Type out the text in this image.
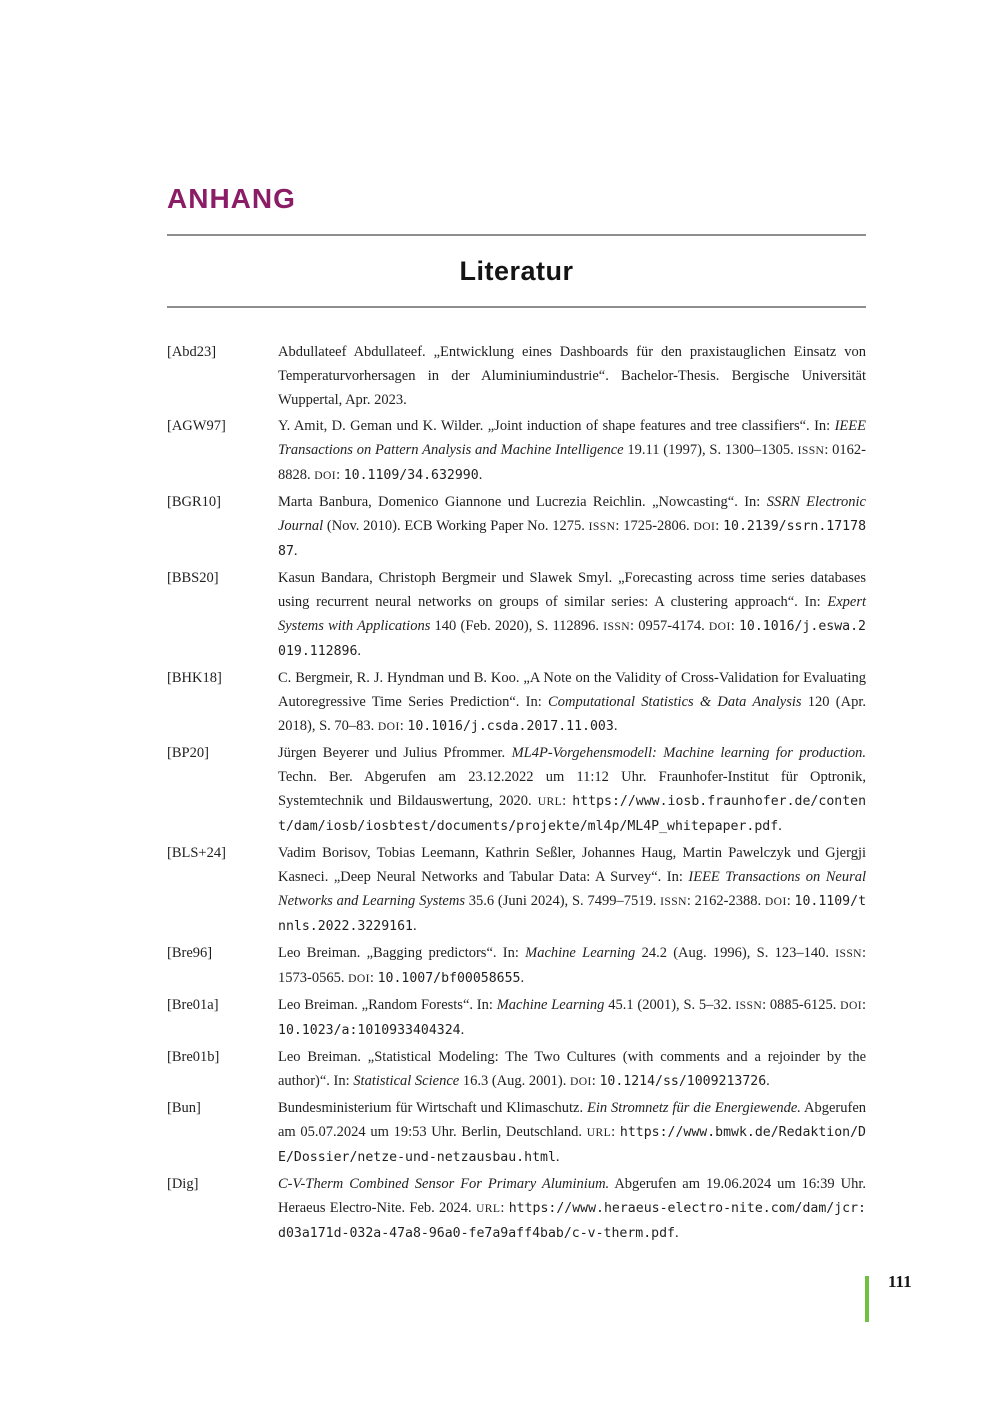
ANHANG
Literatur
[Abd23]	Abdullateef Abdullateef. „Entwicklung eines Dashboards für den praxistauglichen Einsatz von Temperaturvorhersagen in der Aluminiumindustrie“. Bachelor-Thesis. Bergische Universität Wuppertal, Apr. 2023.
[AGW97]	Y. Amit, D. Geman und K. Wilder. „Joint induction of shape features and tree classifiers“. In: IEEE Transactions on Pattern Analysis and Machine Intelligence 19.11 (1997), S. 1300–1305. ISSN: 0162-8828. DOI: 10.1109/34.632990.
[BGR10]	Marta Banbura, Domenico Giannone und Lucrezia Reichlin. „Nowcasting“. In: SSRN Electronic Journal (Nov. 2010). ECB Working Paper No. 1275. ISSN: 1725-2806. DOI: 10.2139/ssrn.1717887.
[BBS20]	Kasun Bandara, Christoph Bergmeir und Slawek Smyl. „Forecasting across time series databases using recurrent neural networks on groups of similar series: A clustering approach“. In: Expert Systems with Applications 140 (Feb. 2020), S. 112896. ISSN: 0957-4174. DOI: 10.1016/j.eswa.2019.112896.
[BHK18]	C. Bergmeir, R. J. Hyndman und B. Koo. „A Note on the Validity of Cross-Validation for Evaluating Autoregressive Time Series Prediction“. In: Computational Statistics & Data Analysis 120 (Apr. 2018), S. 70–83. DOI: 10.1016/j.csda.2017.11.003.
[BP20]	Jürgen Beyerer und Julius Pfrommer. ML4P-Vorgehensmodell: Machine learning for production. Techn. Ber. Abgerufen am 23.12.2022 um 11:12 Uhr. Fraunhofer-Institut für Optronik, Systemtechnik und Bildauswertung, 2020. URL: https://www.iosb.fraunhofer.de/content/dam/iosb/iosbtest/documents/projekte/ml4p/ML4P_whitepaper.pdf.
[BLS+24]	Vadim Borisov, Tobias Leemann, Kathrin Seßler, Johannes Haug, Martin Pawelczyk und Gjergji Kasneci. „Deep Neural Networks and Tabular Data: A Survey“. In: IEEE Transactions on Neural Networks and Learning Systems 35.6 (Juni 2024), S. 7499–7519. ISSN: 2162-2388. DOI: 10.1109/tnnls.2022.3229161.
[Bre96]	Leo Breiman. „Bagging predictors“. In: Machine Learning 24.2 (Aug. 1996), S. 123–140. ISSN: 1573-0565. DOI: 10.1007/bf00058655.
[Bre01a]	Leo Breiman. „Random Forests“. In: Machine Learning 45.1 (2001), S. 5–32. ISSN: 0885-6125. DOI: 10.1023/a:1010933404324.
[Bre01b]	Leo Breiman. „Statistical Modeling: The Two Cultures (with comments and a rejoinder by the author)“. In: Statistical Science 16.3 (Aug. 2001). DOI: 10.1214/ss/1009213726.
[Bun]	Bundesministerium für Wirtschaft und Klimaschutz. Ein Stromnetz für die Energiewende. Abgerufen am 05.07.2024 um 19:53 Uhr. Berlin, Deutschland. URL: https://www.bmwk.de/Redaktion/DE/Dossier/netze-und-netzausbau.html.
[Dig]	C-V-Therm Combined Sensor For Primary Aluminium. Abgerufen am 19.06.2024 um 16:39 Uhr. Heraeus Electro-Nite. Feb. 2024. URL: https://www.heraeus-electro-nite.com/dam/jcr:d03a171d-032a-47a8-96a0-fe7a9aff4bab/c-v-therm.pdf.
111
